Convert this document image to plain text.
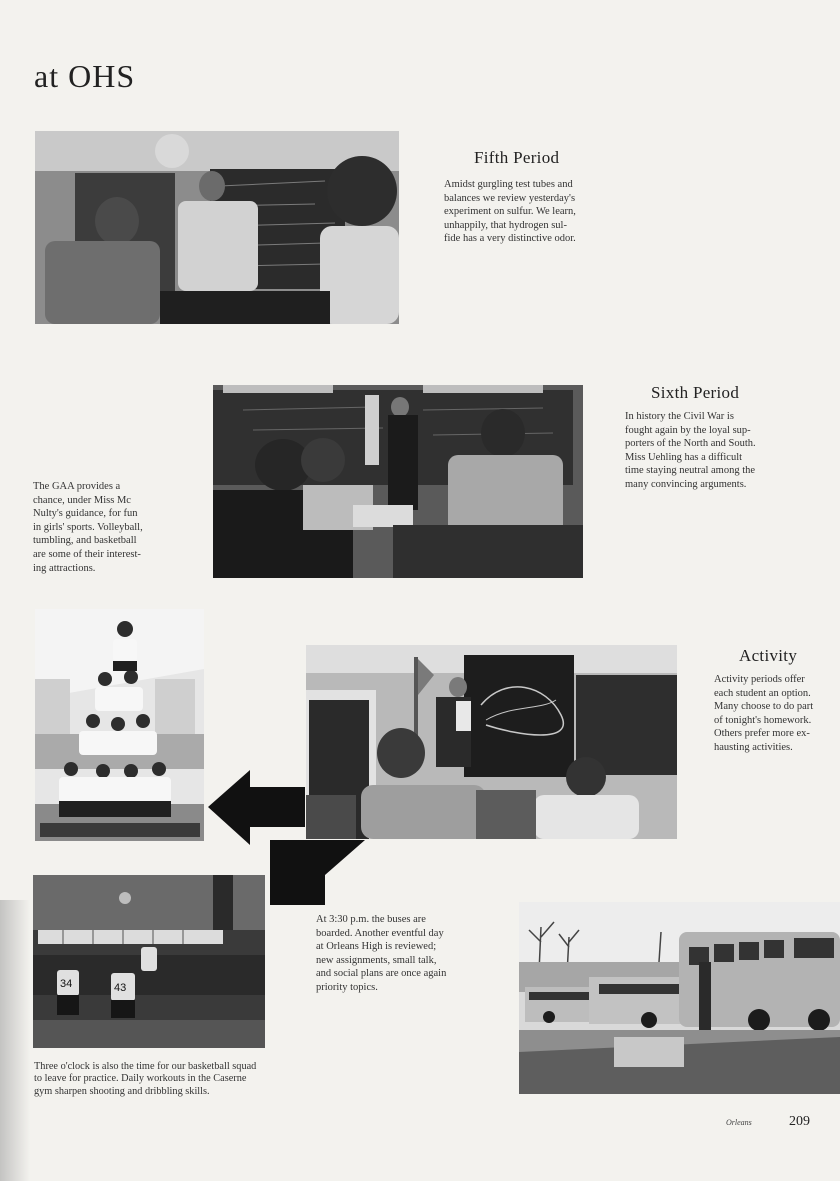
at OHS
Fifth Period
Amidst gurgling test tubes and
balances we review yesterday's
experiment on sulfur. We learn,
unhappily, that hydrogen sul-
fide has a very distinctive odor.
Sixth Period
In history the Civil War is
fought again by the loyal sup-
porters of the North and South.
Miss Uehling has a difficult
time staying neutral among the
many convincing arguments.
The GAA provides a
chance, under Miss Mc
Nulty's guidance, for fun
in girls' sports. Volleyball,
tumbling, and basketball
are some of their interest-
ing attractions.
Activity
Activity periods offer
each student an option.
Many choose to do part
of tonight's homework.
Others prefer more ex-
hausting activities.
34	43
At 3:30 p.m. the buses are
boarded. Another eventful day
at Orleans High is reviewed;
new assignments, small talk,
and social plans are once again
priority topics.
Three o'clock is also the time for our basketball squad
to leave for practice. Daily workouts in the Caserne
gym sharpen shooting and dribbling skills.
Orleans	209
